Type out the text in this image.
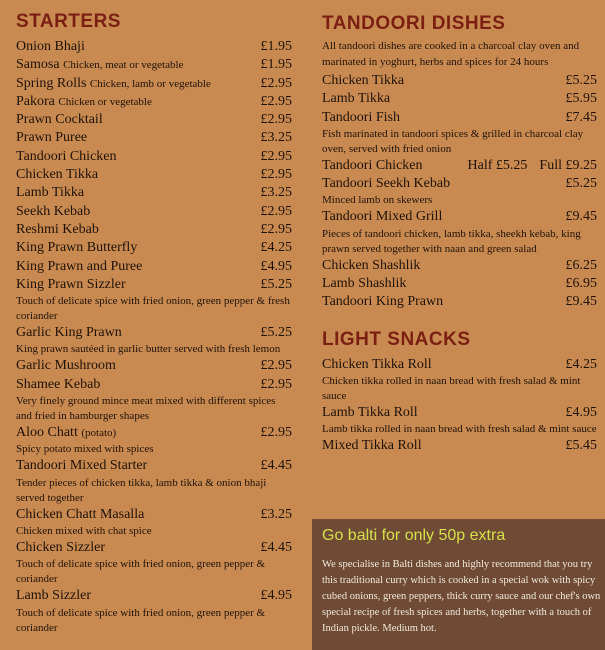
STARTERS
Onion Bhaji	£1.95
Samosa Chicken, meat or vegetable	£1.95
Spring Rolls Chicken, lamb or vegetable	£2.95
Pakora Chicken or vegetable	£2.95
Prawn Cocktail	£2.95
Prawn Puree	£3.25
Tandoori Chicken	£2.95
Chicken Tikka	£2.95
Lamb Tikka	£3.25
Seekh Kebab	£2.95
Reshmi Kebab	£2.95
King Prawn Butterfly	£4.25
King Prawn and Puree	£4.95
King Prawn Sizzler	£5.25
Touch of delicate spice with fried onion, green pepper & fresh coriander
Garlic King Prawn	£5.25
King prawn sautéed in garlic butter served with fresh lemon
Garlic Mushroom	£2.95
Shamee Kebab	£2.95
Very finely ground mince meat mixed with different spices and fried in hamburger shapes
Aloo Chatt (potato)	£2.95
Spicy potato mixed with spices
Tandoori Mixed Starter	£4.45
Tender pieces of chicken tikka, lamb tikka & onion bhaji served together
Chicken Chatt Masalla	£3.25
Chicken mixed with chat spice
Chicken Sizzler	£4.45
Touch of delicate spice with fried onion, green pepper & coriander
Lamb Sizzler	£4.95
Touch of delicate spice with fried onion, green pepper & coriander
TANDOORI DISHES
All tandoori dishes are cooked in a charcoal clay oven and marinated in yoghurt, herbs and spices for 24 hours
Chicken Tikka	£5.25
Lamb Tikka	£5.95
Tandoori Fish	£7.45
Fish marinated in tandoori spices & grilled in charcoal clay oven, served with fried onion
Tandoori Chicken	Half £5.25 Full £9.25
Tandoori Seekh Kebab	£5.25
Minced lamb on skewers
Tandoori Mixed Grill	£9.45
Pieces of tandoori chicken, lamb tikka, sheekh kebab, king prawn served together with naan and green salad
Chicken Shashlik	£6.25
Lamb Shashlik	£6.95
Tandoori King Prawn	£9.45
LIGHT SNACKS
Chicken Tikka Roll	£4.25
Chicken tikka rolled in naan bread with fresh salad & mint sauce
Lamb Tikka Roll	£4.95
Lamb tikka rolled in naan bread with fresh salad & mint sauce
Mixed Tikka Roll	£5.45
Go balti for only 50p extra
We specialise in Balti dishes and highly recommend that you try this traditional curry which is cooked in a special wok with spicy cubed onions, green peppers, thick curry sauce and our chef's own special recipe of fresh spices and herbs, together with a touch of Indian pickle. Medium hot.
